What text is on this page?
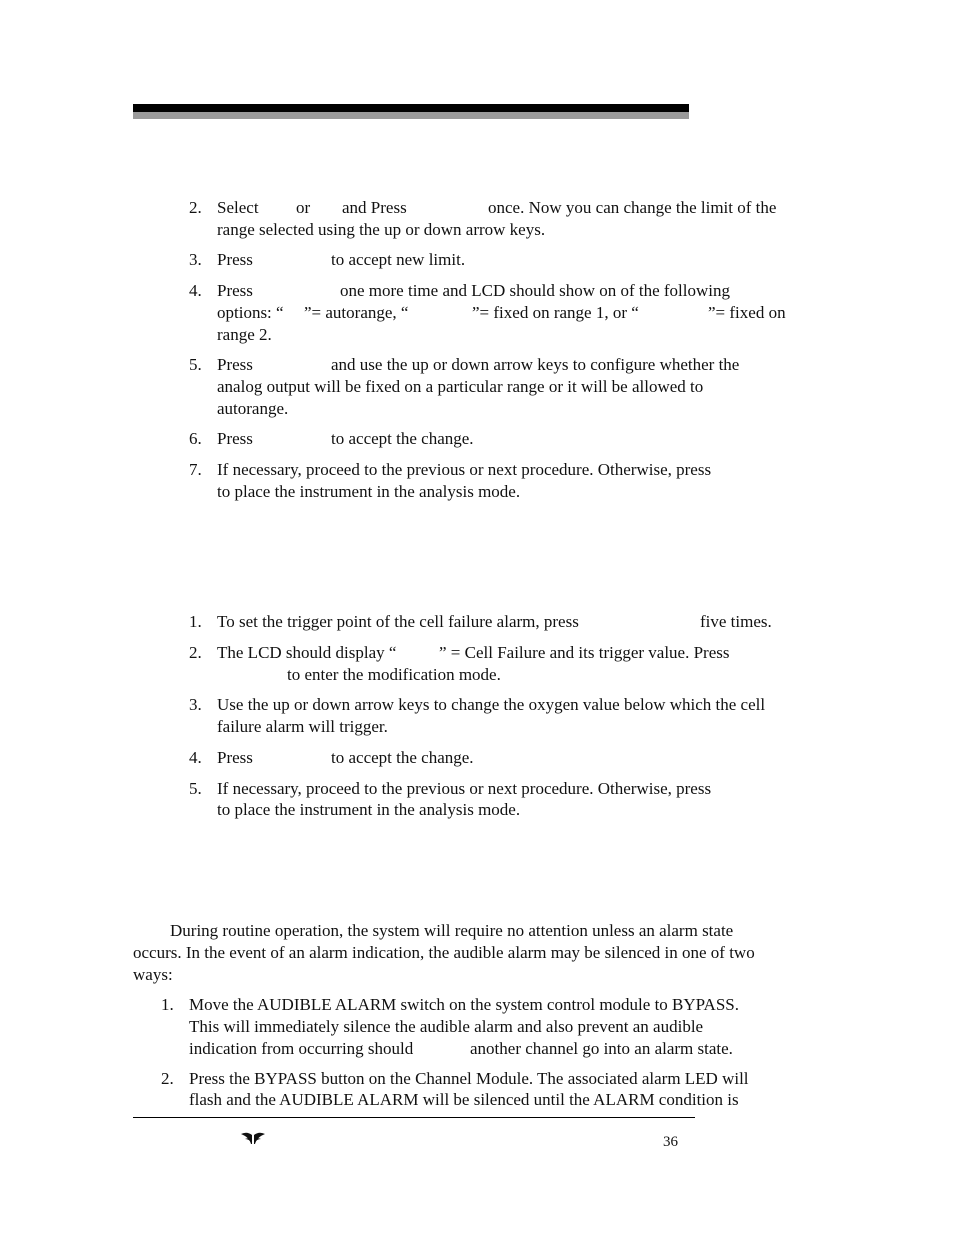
2. Select or and Press	once. Now you can change the limit of the
range selected using the up or down arrow keys.
3. Press	to accept new limit.
4. Press	one more time and LCD should show on of the following
options: “ ”= autorange, “	”= fixed on range 1, or “	”= fixed on
range 2.
5. Press	and use the up or down arrow keys to configure whether the
analog output will be fixed on a particular range or it will be allowed to
autorange.
6. Press	to accept the change.
7. If necessary, proceed to the previous or next procedure. Otherwise, press
to place the instrument in the analysis mode.
1. To set the trigger point of the cell failure alarm, press	five times.
2. The LCD should display “	” = Cell Failure and its trigger value. Press
to enter the modification mode.
3. Use the up or down arrow keys to change the oxygen value below which the cell
failure alarm will trigger.
4. Press	to accept the change.
5. If necessary, proceed to the previous or next procedure. Otherwise, press
to place the instrument in the analysis mode.
During routine operation, the system will require no attention unless an alarm state
occurs. In the event of an alarm indication, the audible alarm may be silenced in one of two
ways:
1. Move the AUDIBLE ALARM switch on the system control module to BYPASS.
This will immediately silence the audible alarm and also prevent an audible
indication from occurring should	another channel go into an alarm state.
2. Press the BYPASS button on the Channel Module. The associated alarm LED will
flash and the AUDIBLE ALARM will be silenced until the ALARM condition is
36
